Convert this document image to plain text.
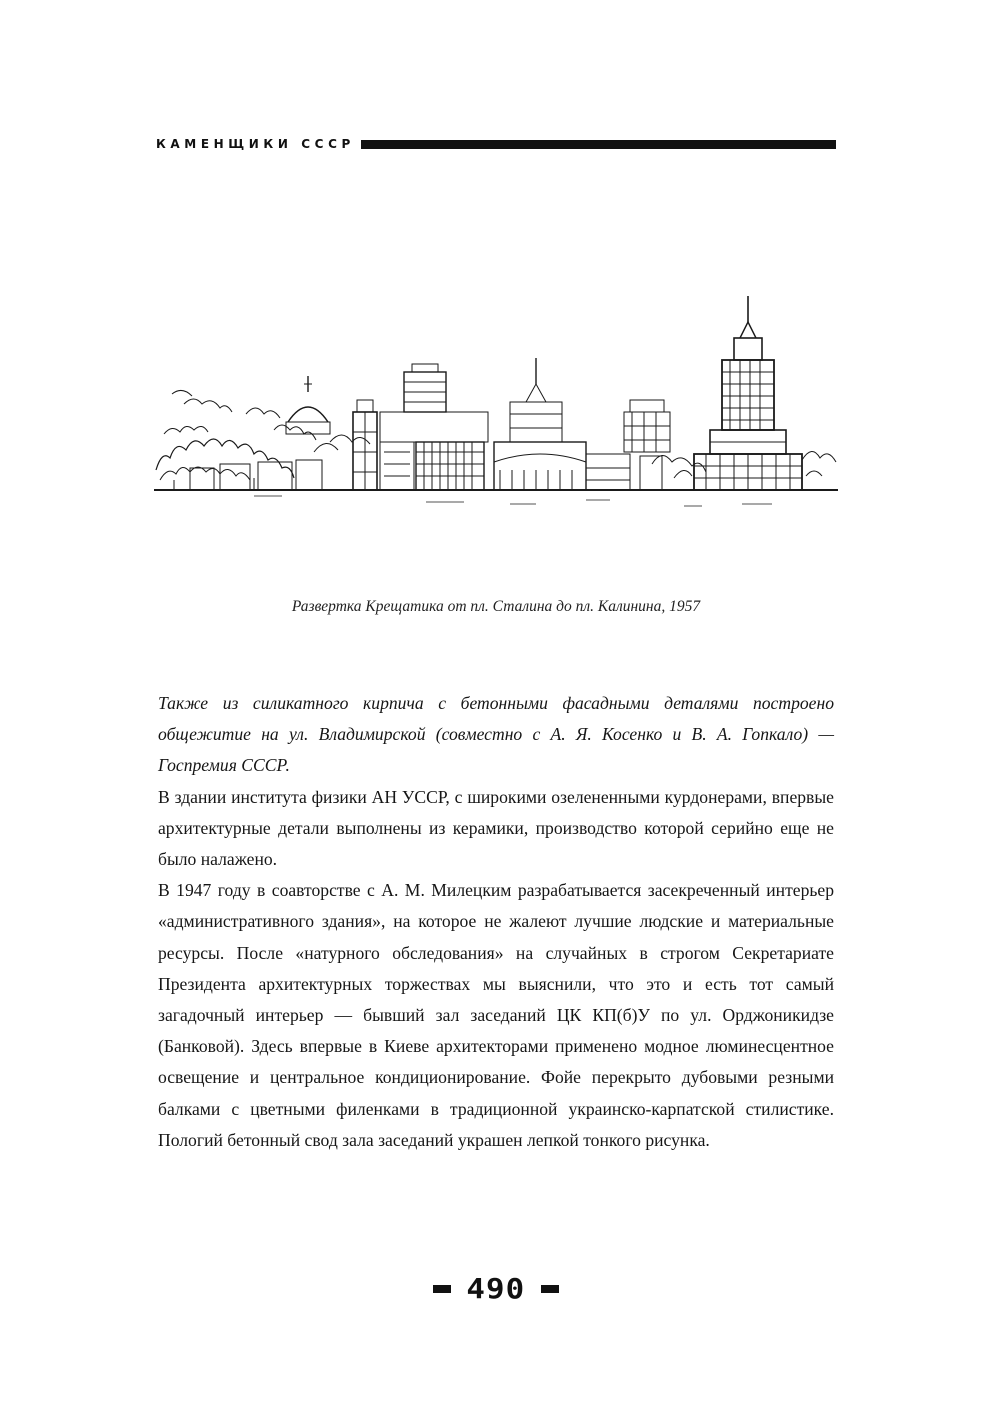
КАМЕНЩИКИ СССР
Развертка Крещатика от пл. Сталина до пл. Калинина, 1957

Также из силикатного кирпича с бетонными фасадными деталями построено общежитие на ул. Владимирской (совместно с А. Я. Косенко и В. А. Гопкало) — Госпремия СССР.

В здании института физики АН УССР, с широкими озелененными курдонерами, впервые архитектурные детали выполнены из керамики, производство которой серийно еще не было налажено.

В 1947 году в соавторстве с А. М. Милецким разрабатывается засекреченный интерьер «административного здания», на которое не жалеют лучшие людские и материальные ресурсы. После «натурного обследования» на случайных в строгом Секретариате Президента архитектурных торжествах мы выяснили, что это и есть тот самый загадочный интерьер — бывший зал заседаний ЦК КП(б)У по ул. Орджоникидзе (Банковой). Здесь впервые в Киеве архитекторами применено модное люминесцентное освещение и центральное кондиционирование. Фойе перекрыто дубовыми резными балками с цветными филенками в традиционной украинско-карпатской стилистике. Пологий бетонный свод зала заседаний украшен лепкой тонкого рисунка.

490
